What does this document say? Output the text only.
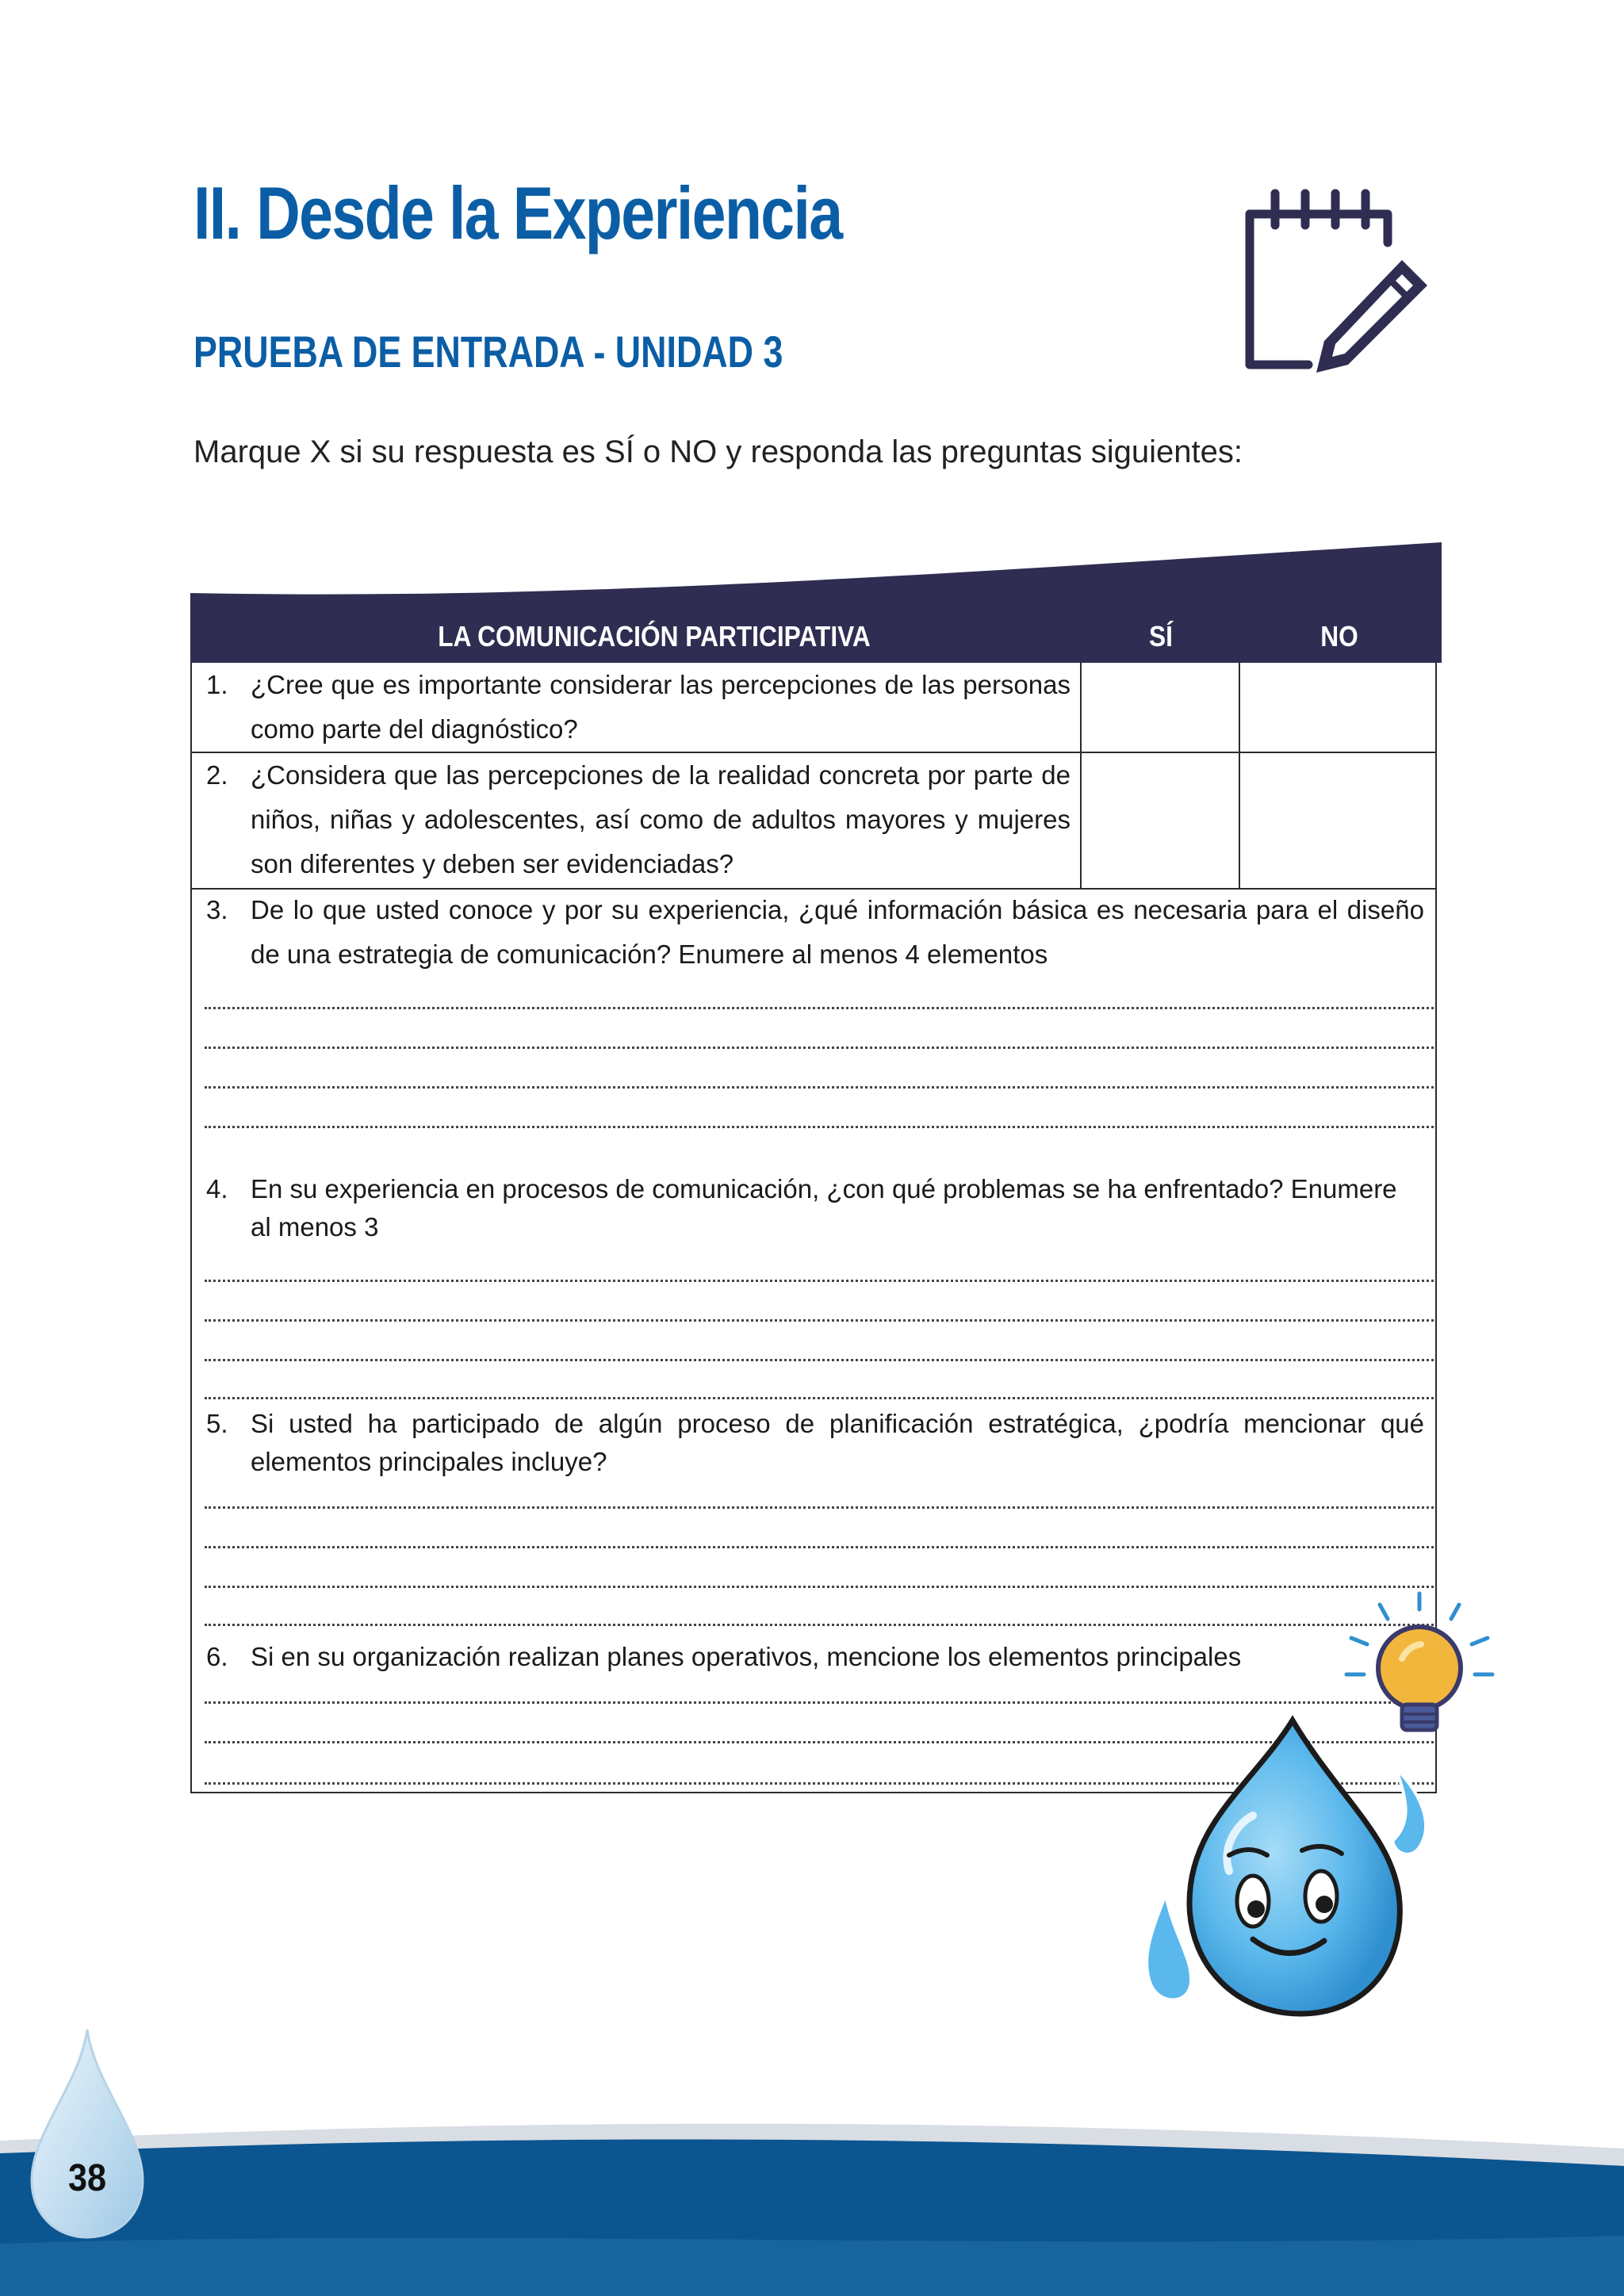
II. Desde la Experiencia
PRUEBA DE ENTRADA - UNIDAD 3

Marque X si su respuesta es SÍ o NO y responda las preguntas siguientes:

LA COMUNICACIÓN PARTICIPATIVA	SÍ	NO
1. ¿Cree que es importante considerar las percepciones de las personas como parte del diagnóstico?
2. ¿Considera que las percepciones de la realidad concreta por parte de niños, niñas y adolescentes, así como de adultos mayores y mujeres son diferentes y deben ser evidenciadas?
3. De lo que usted conoce y por su experiencia, ¿qué información básica es necesaria para el diseño de una estrategia de comunicación? Enumere al menos 4 elementos
4. En su experiencia en procesos de comunicación, ¿con qué problemas se ha enfrentado? Enumere al menos 3
5. Si usted ha participado de algún proceso de planificación estratégica, ¿podría mencionar qué elementos principales incluye?
6. Si en su organización realizan planes operativos, mencione los elementos principales
38
